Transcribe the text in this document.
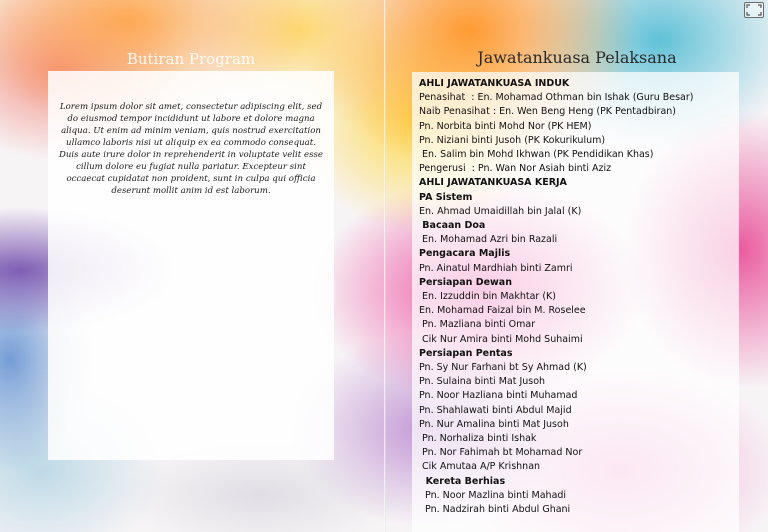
Butiran Program

Lorem ipsum dolor sit amet, consectetur adipiscing elit, sed do eiusmod tempor incididunt ut labore et dolore magna aliqua. Ut enim ad minim veniam, quis nostrud exercitation ullamco laboris nisi ut aliquip ex ea commodo consequat. Duis aute irure dolor in reprehenderit in voluptate velit esse cillum dolore eu fugiat nulla pariatur. Excepteur sint occaecat cupidatat non proident, sunt in culpa qui officia deserunt mollit anim id est laborum.

Jawatankuasa Pelaksana
AHLI JAWATANKUASA INDUK
Penasihat  : En. Mohamad Othman bin Ishak (Guru Besar)
Naib Penasihat : En. Wen Beng Heng (PK Pentadbiran)
Pn. Norbita binti Mohd Nor (PK HEM)
Pn. Niziani binti Jusoh (PK Kokurikulum)
En. Salim bin Mohd Ikhwan (PK Pendidikan Khas)
Pengerusi  : Pn. Wan Nor Asiah binti Aziz
AHLI JAWATANKUASA KERJA
PA Sistem
En. Ahmad Umaidillah bin Jalal (K)
Bacaan Doa
En. Mohamad Azri bin Razali
Pengacara Majlis
Pn. Ainatul Mardhiah binti Zamri
Persiapan Dewan
En. Izzuddin bin Makhtar (K)
En. Mohamad Faizal bin M. Roselee
Pn. Mazliana binti Omar
Cik Nur Amira binti Mohd Suhaimi
Persiapan Pentas
Pn. Sy Nur Farhani bt Sy Ahmad (K)
Pn. Sulaina binti Mat Jusoh
Pn. Noor Hazliana binti Muhamad
Pn. Shahlawati binti Abdul Majid
Pn. Nur Amalina binti Mat Jusoh
Pn. Norhaliza binti Ishak
Pn. Nor Fahimah bt Mohamad Nor
Cik Amutaa A/P Krishnan
Kereta Berhias
Pn. Noor Mazlina binti Mahadi
Pn. Nadzirah binti Abdul Ghani
